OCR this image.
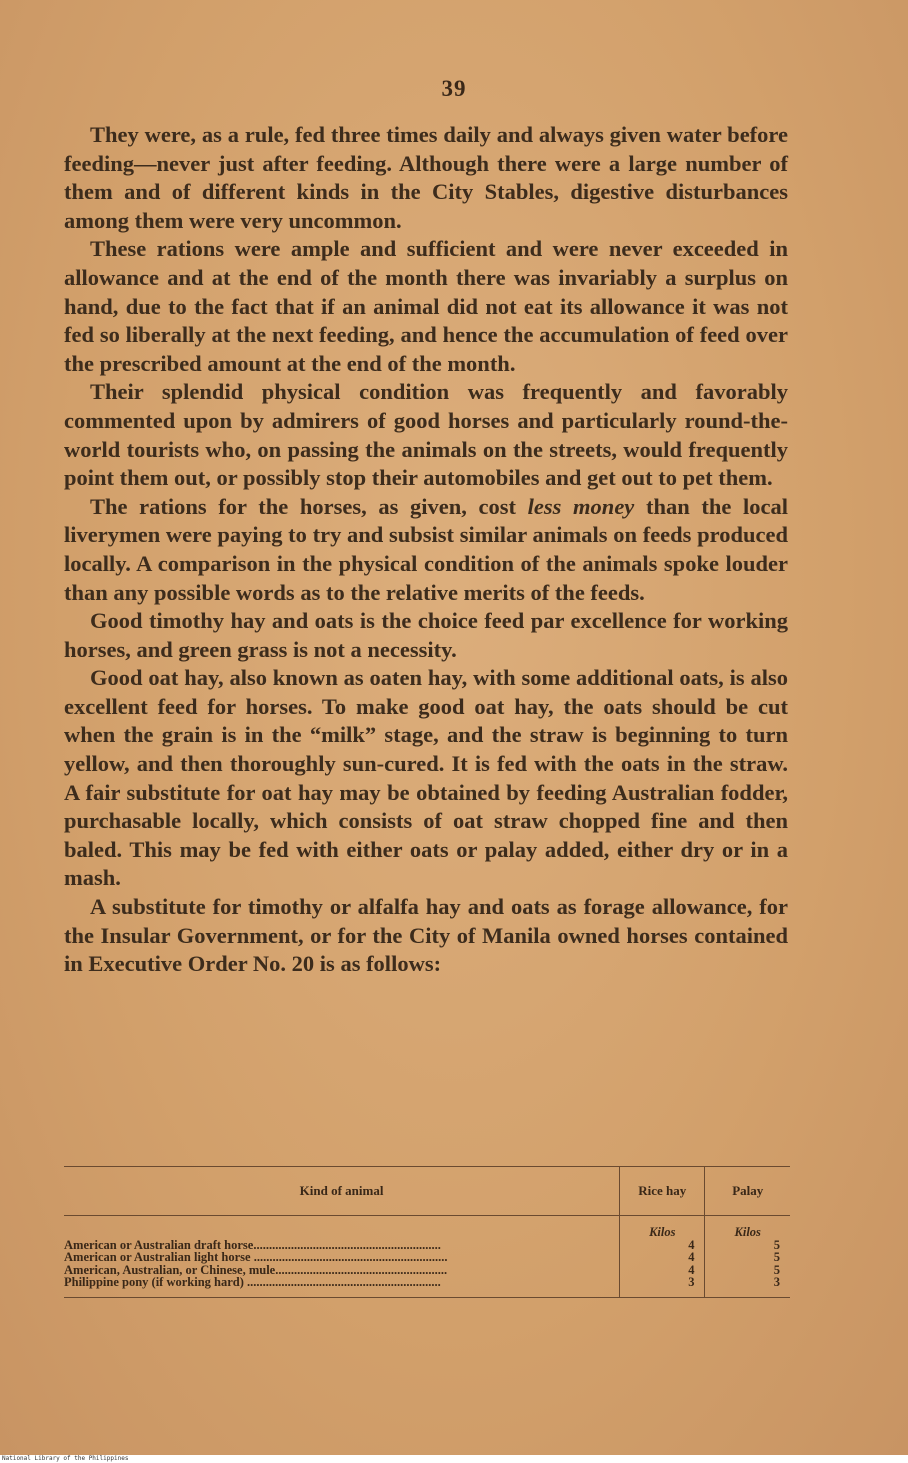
39

They were, as a rule, fed three times daily and always given water before feeding—never just after feeding. Although there were a large number of them and of different kinds in the City Stables, digestive disturbances among them were very uncommon.

These rations were ample and sufficient and were never exceeded in allowance and at the end of the month there was invariably a surplus on hand, due to the fact that if an animal did not eat its allowance it was not fed so liberally at the next feeding, and hence the accumulation of feed over the prescribed amount at the end of the month.

Their splendid physical condition was frequently and favorably commented upon by admirers of good horses and particularly round-the-world tourists who, on passing the animals on the streets, would frequently point them out, or possibly stop their automobiles and get out to pet them.

The rations for the horses, as given, cost less money than the local liverymen were paying to try and subsist similar animals on feeds produced locally. A comparison in the physical condition of the animals spoke louder than any possible words as to the relative merits of the feeds.

Good timothy hay and oats is the choice feed par excellence for working horses, and green grass is not a necessity.

Good oat hay, also known as oaten hay, with some additional oats, is also excellent feed for horses. To make good oat hay, the oats should be cut when the grain is in the “milk” stage, and the straw is beginning to turn yellow, and then thoroughly sun-cured. It is fed with the oats in the straw. A fair substitute for oat hay may be obtained by feeding Australian fodder, purchasable locally, which consists of oat straw chopped fine and then baled. This may be fed with either oats or palay added, either dry or in a mash.

A substitute for timothy or alfalfa hay and oats as forage allowance, for the Insular Government, or for the City of Manila owned horses contained in Executive Order No. 20 is as follows:

Kind of animal	Rice hay	Palay
	Kilos	Kilos
American or Australian draft horse............................................................	4	5
American or Australian light horse ..............................................................	4	5
American, Australian, or Chinese, mule.......................................................	4	5
Philippine pony (if working hard) ..............................................................	3	3
National Library of the Philippines
